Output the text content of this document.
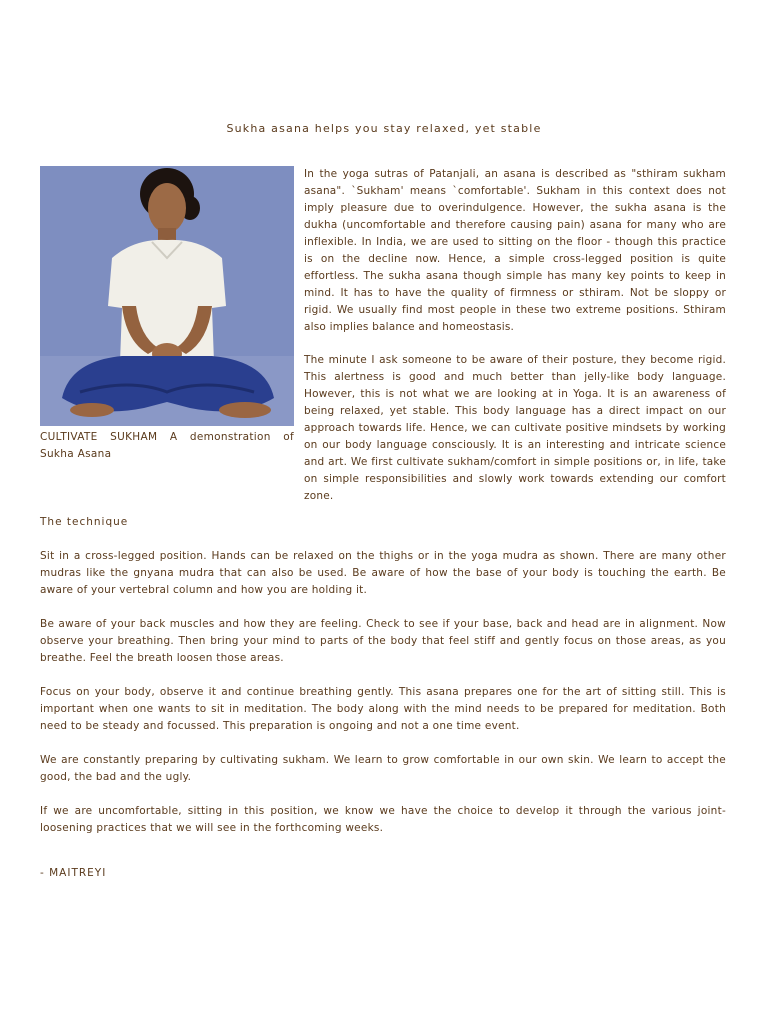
Sukha asana helps you stay relaxed, yet stable
CULTIVATE SUKHAM A demonstration of Sukha Asana

In the yoga sutras of Patanjali, an asana is described as "sthiram sukham asana". `Sukham' means `comfortable'. Sukham in this context does not imply pleasure due to overindulgence. However, the sukha asana is the dukha (uncomfortable and therefore causing pain) asana for many who are inflexible. In India, we are used to sitting on the floor - though this practice is on the decline now. Hence, a simple cross-legged position is quite effortless. The sukha asana though simple has many key points to keep in mind. It has to have the quality of firmness or sthiram. Not be sloppy or rigid. We usually find most people in these two extreme positions. Sthiram also implies balance and homeostasis.

The minute I ask someone to be aware of their posture, they become rigid. This alertness is good and much better than jelly-like body language. However, this is not what we are looking at in Yoga. It is an awareness of being relaxed, yet stable. This body language has a direct impact on our approach towards life. Hence, we can cultivate positive mindsets by working on our body language consciously. It is an interesting and intricate science and art. We first cultivate sukham/comfort in simple positions or, in life, take on simple responsibilities and slowly work towards extending our comfort zone.

The technique

Sit in a cross-legged position. Hands can be relaxed on the thighs or in the yoga mudra as shown. There are many other mudras like the gnyana mudra that can also be used. Be aware of how the base of your body is touching the earth. Be aware of your vertebral column and how you are holding it.

Be aware of your back muscles and how they are feeling. Check to see if your base, back and head are in alignment. Now observe your breathing. Then bring your mind to parts of the body that feel stiff and gently focus on those areas, as you breathe. Feel the breath loosen those areas.

Focus on your body, observe it and continue breathing gently. This asana prepares one for the art of sitting still. This is important when one wants to sit in meditation. The body along with the mind needs to be prepared for meditation. Both need to be steady and focussed. This preparation is ongoing and not a one time event.

We are constantly preparing by cultivating sukham. We learn to grow comfortable in our own skin. We learn to accept the good, the bad and the ugly.

If we are uncomfortable, sitting in this position, we know we have the choice to develop it through the various joint-loosening practices that we will see in the forthcoming weeks.

- MAITREYI
